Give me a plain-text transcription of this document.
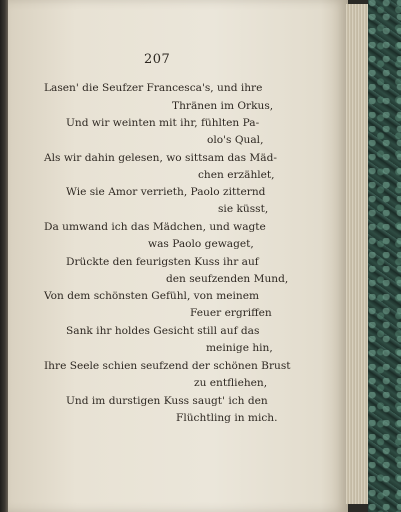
207
Lasen' die Seufzer Francesca's, und ihre
Thränen im Orkus,
Und wir weinten mit ihr, fühlten Pa-
olo's Qual,
Als wir dahin gelesen, wo sittsam das Mäd-
chen erzählet,
Wie sie Amor verrieth, Paolo zitternd
sie küsst,
Da umwand ich das Mädchen, und wagte
was Paolo gewaget,
Drückte den feurigsten Kuss ihr auf
den seufzenden Mund,
Von dem schönsten Gefühl, von meinem
Feuer ergriffen
Sank ihr holdes Gesicht still auf das
meinige hin,
Ihre Seele schien seufzend der schönen Brust
zu entfliehen,
Und im durstigen Kuss saugt' ich den
Flüchtling in mich.
